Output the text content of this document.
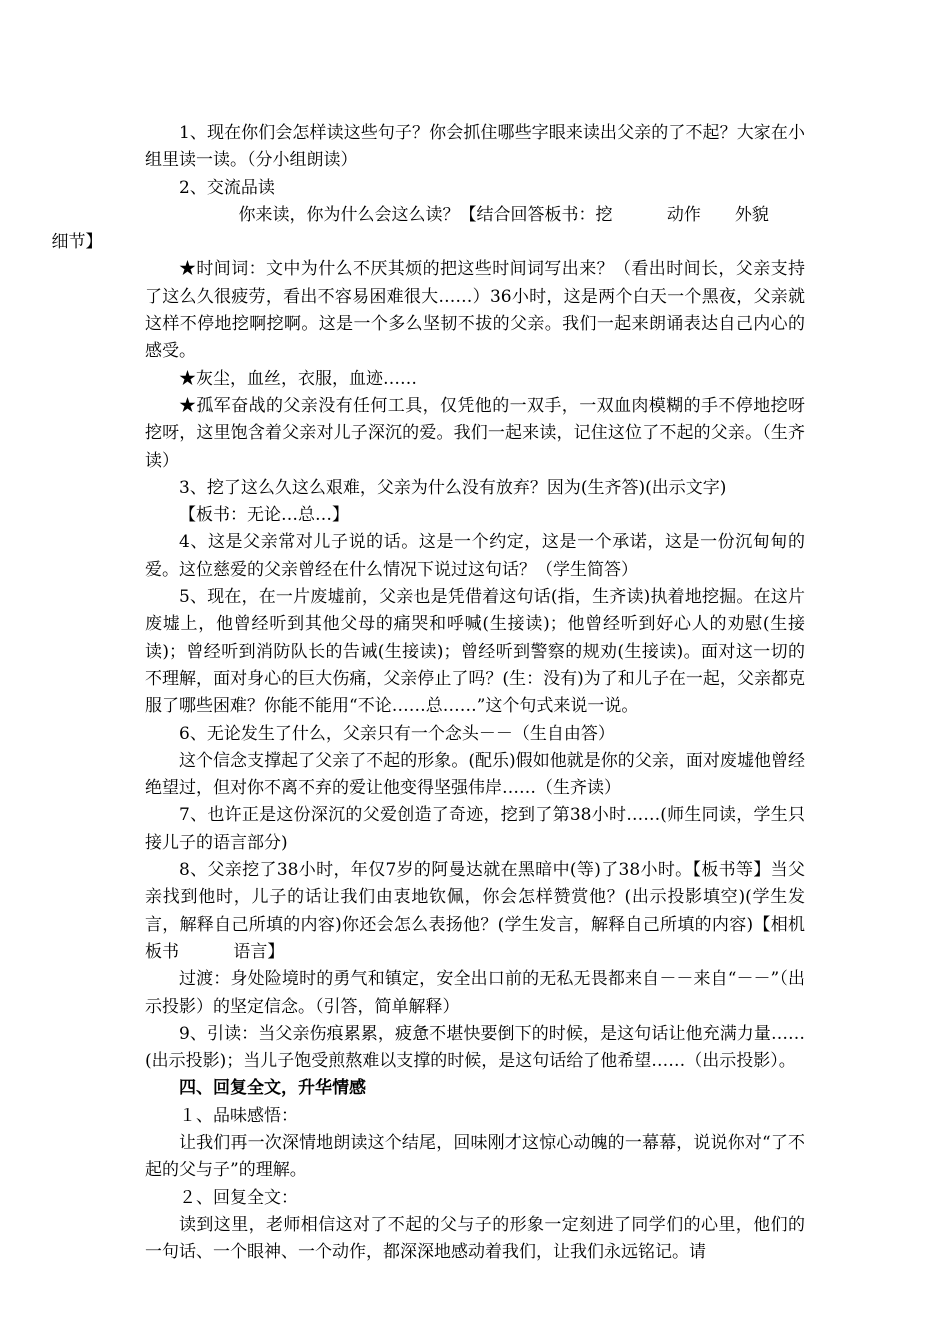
1、现在你们会怎样读这些句子？你会抓住哪些字眼来读出父亲的了不起？大家在小组里读一读。（分小组朗读）

2、交流品读

你来读，你为什么会这么读？【结合回答板书：挖	动作 外貌
细节】

★时间词：文中为什么不厌其烦的把这些时间词写出来？（看出时间长，父亲支持了这么久很疲劳，看出不容易困难很大……）36小时，这是两个白天一个黑夜，父亲就这样不停地挖啊挖啊。这是一个多么坚韧不拔的父亲。我们一起来朗诵表达自己内心的感受。

★灰尘，血丝，衣服，血迹……

★孤军奋战的父亲没有任何工具，仅凭他的一双手，一双血肉模糊的手不停地挖呀挖呀，这里饱含着父亲对儿子深沉的爱。我们一起来读，记住这位了不起的父亲。（生齐读）

3、挖了这么久这么艰难，父亲为什么没有放弃？因为(生齐答)(出示文字)

【板书：无论…总…】

4、这是父亲常对儿子说的话。这是一个约定，这是一个承诺，这是一份沉甸甸的爱。这位慈爱的父亲曾经在什么情况下说过这句话？（学生简答）

5、现在，在一片废墟前，父亲也是凭借着这句话(指，生齐读)执着地挖掘。在这片废墟上，他曾经听到其他父母的痛哭和呼喊(生接读)；他曾经听到好心人的劝慰(生接读)；曾经听到消防队长的告诫(生接读)；曾经听到警察的规劝(生接读)。面对这一切的不理解，面对身心的巨大伤痛，父亲停止了吗？(生：没有)为了和儿子在一起，父亲都克服了哪些困难？你能不能用“不论……总……”这个句式来说一说。

6、无论发生了什么，父亲只有一个念头－－（生自由答）

这个信念支撑起了父亲了不起的形象。(配乐)假如他就是你的父亲，面对废墟他曾经绝望过，但对你不离不弃的爱让他变得坚强伟岸……（生齐读）

7、也许正是这份深沉的父爱创造了奇迹，挖到了第38小时……(师生同读，学生只接儿子的语言部分)

8、父亲挖了38小时，年仅7岁的阿曼达就在黑暗中(等)了38小时。【板书等】当父亲找到他时，儿子的话让我们由衷地钦佩，你会怎样赞赏他？(出示投影填空)(学生发言，解释自己所填的内容)你还会怎么表扬他？(学生发言，解释自己所填的内容)【相机板书	语言】

过渡：身处险境时的勇气和镇定，安全出口前的无私无畏都来自－－来自“－－”（出示投影）的坚定信念。（引答，简单解释）

9、引读：当父亲伤痕累累，疲惫不堪快要倒下的时候，是这句话让他充满力量……(出示投影)；当儿子饱受煎熬难以支撑的时候，是这句话给了他希望……（出示投影）。

四、回复全文，升华情感

１、品味感悟：

让我们再一次深情地朗读这个结尾，回味刚才这惊心动魄的一幕幕，说说你对“了不起的父与子”的理解。

２、回复全文：

读到这里，老师相信这对了不起的父与子的形象一定刻进了同学们的心里，他们的一句话、一个眼神、一个动作，都深深地感动着我们，让我们永远铭记。请
